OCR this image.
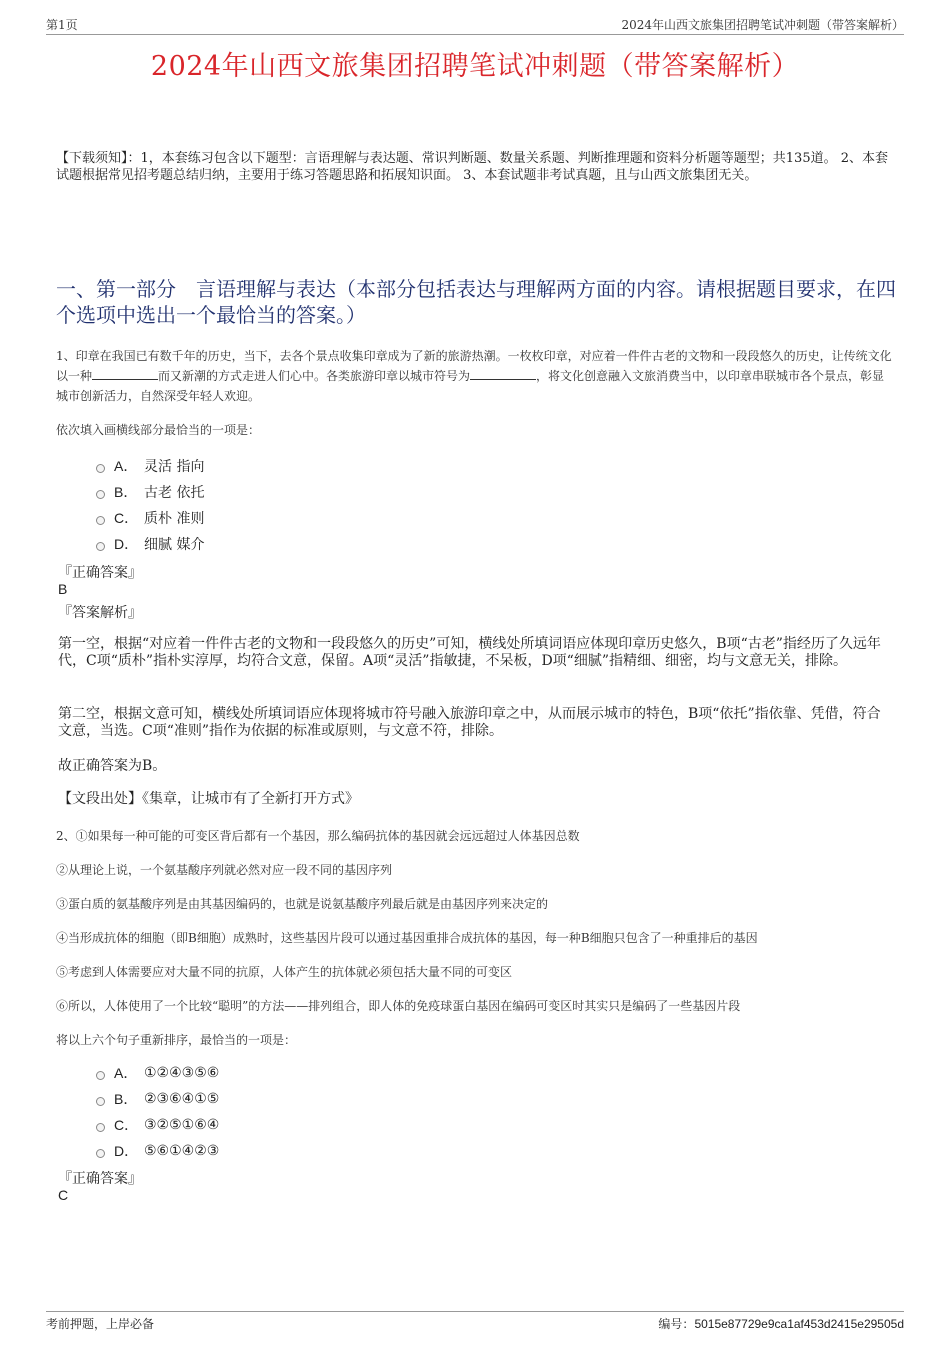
第1页	2024年山西文旅集团招聘笔试冲刺题（带答案解析）
2024年山西文旅集团招聘笔试冲刺题（带答案解析）
【下载须知】：1，本套练习包含以下题型：言语理解与表达题、常识判断题、数量关系题、判断推理题和资料分析题等题型；共135道。 2、本套试题根据常见招考题总结归纳，主要用于练习答题思路和拓展知识面。 3、本套试题非考试真题，且与山西文旅集团无关。
一、第一部分　言语理解与表达（本部分包括表达与理解两方面的内容。请根据题目要求，在四个选项中选出一个最恰当的答案。）
1、印章在我国已有数千年的历史，当下，去各个景点收集印章成为了新的旅游热潮。一枚枚印章，对应着一件件古老的文物和一段段悠久的历史，让传统文化以一种	而又新潮的方式走进人们心中。各类旅游印章以城市符号为	，将文化创意融入文旅消费当中，以印章串联城市各个景点，彰显城市创新活力，自然深受年轻人欢迎。
依次填入画横线部分最恰当的一项是：
A． 灵活 指向
B． 古老 依托
C． 质朴 准则
D． 细腻 媒介
『正确答案』
B
『答案解析』
第一空，根据“对应着一件件古老的文物和一段段悠久的历史”可知，横线处所填词语应体现印章历史悠久，B项“古老”指经历了久远年代，C项“质朴”指朴实淳厚，均符合文意，保留。A项“灵活”指敏捷，不呆板，D项“细腻”指精细、细密，均与文意无关，排除。
第二空，根据文意可知，横线处所填词语应体现将城市符号融入旅游印章之中，从而展示城市的特色，B项“依托”指依靠、凭借，符合文意，当选。C项“准则”指作为依据的标准或原则，与文意不符，排除。
故正确答案为B。
【文段出处】《集章，让城市有了全新打开方式》
2、①如果每一种可能的可变区背后都有一个基因，那么编码抗体的基因就会远远超过人体基因总数
②从理论上说，一个氨基酸序列就必然对应一段不同的基因序列
③蛋白质的氨基酸序列是由其基因编码的，也就是说氨基酸序列最后就是由基因序列来决定的
④当形成抗体的细胞（即B细胞）成熟时，这些基因片段可以通过基因重排合成抗体的基因，每一种B细胞只包含了一种重排后的基因
⑤考虑到人体需要应对大量不同的抗原，人体产生的抗体就必须包括大量不同的可变区
⑥所以，人体使用了一个比较“聪明”的方法——排列组合，即人体的免疫球蛋白基因在编码可变区时其实只是编码了一些基因片段
将以上六个句子重新排序，最恰当的一项是：
A． ①②④③⑤⑥
B． ②③⑥④①⑤
C． ③②⑤①⑥④
D． ⑤⑥①④②③
『正确答案』
C
考前押题，上岸必备	编号：5015e87729e9ca1af453d2415e29505d
